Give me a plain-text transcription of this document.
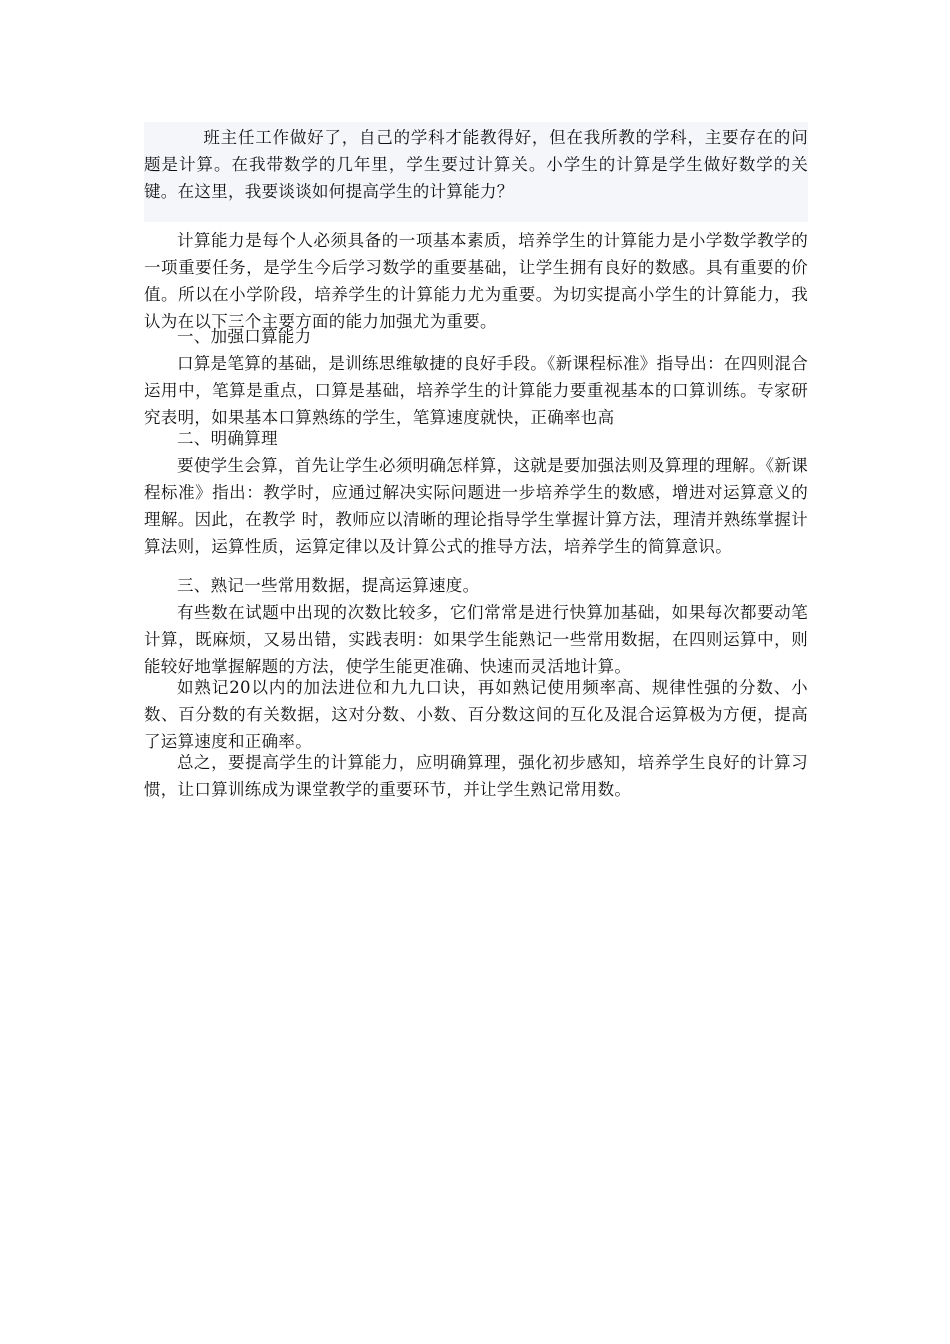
班主任工作做好了，自己的学科才能教得好，但在我所教的学科，主要存在的问题是计算。在我带数学的几年里，学生要过计算关。小学生的计算是学生做好数学的关键。在这里，我要谈谈如何提高学生的计算能力？

计算能力是每个人必须具备的一项基本素质，培养学生的计算能力是小学数学教学的一项重要任务，是学生今后学习数学的重要基础，让学生拥有良好的数感。具有重要的价值。所以在小学阶段，培养学生的计算能力尤为重要。为切实提高小学生的计算能力，我认为在以下三个主要方面的能力加强尤为重要。

一、加强口算能力

口算是笔算的基础，是训练思维敏捷的良好手段。《新课程标准》指导出：在四则混合运用中，笔算是重点，口算是基础，培养学生的计算能力要重视基本的口算训练。专家研究表明，如果基本口算熟练的学生，笔算速度就快，正确率也高

二、明确算理

要使学生会算，首先让学生必须明确怎样算，这就是要加强法则及算理的理解。《新课程标准》指出：教学时，应通过解决实际问题进一步培养学生的数感，增进对运算意义的理解。因此，在教学 时，教师应以清晰的理论指导学生掌握计算方法，理清并熟练掌握计算法则，运算性质，运算定律以及计算公式的推导方法，培养学生的简算意识。

三、熟记一些常用数据，提高运算速度。

有些数在试题中出现的次数比较多，它们常常是进行快算加基础，如果每次都要动笔计算，既麻烦，又易出错，实践表明：如果学生能熟记一些常用数据，在四则运算中，则能较好地掌握解题的方法，使学生能更准确、快速而灵活地计算。

如熟记20以内的加法进位和九九口诀，再如熟记使用频率高、规律性强的分数、小数、百分数的有关数据，这对分数、小数、百分数这间的互化及混合运算极为方便，提高了运算速度和正确率。

总之，要提高学生的计算能力，应明确算理，强化初步感知，培养学生良好的计算习惯，让口算训练成为课堂教学的重要环节，并让学生熟记常用数。
